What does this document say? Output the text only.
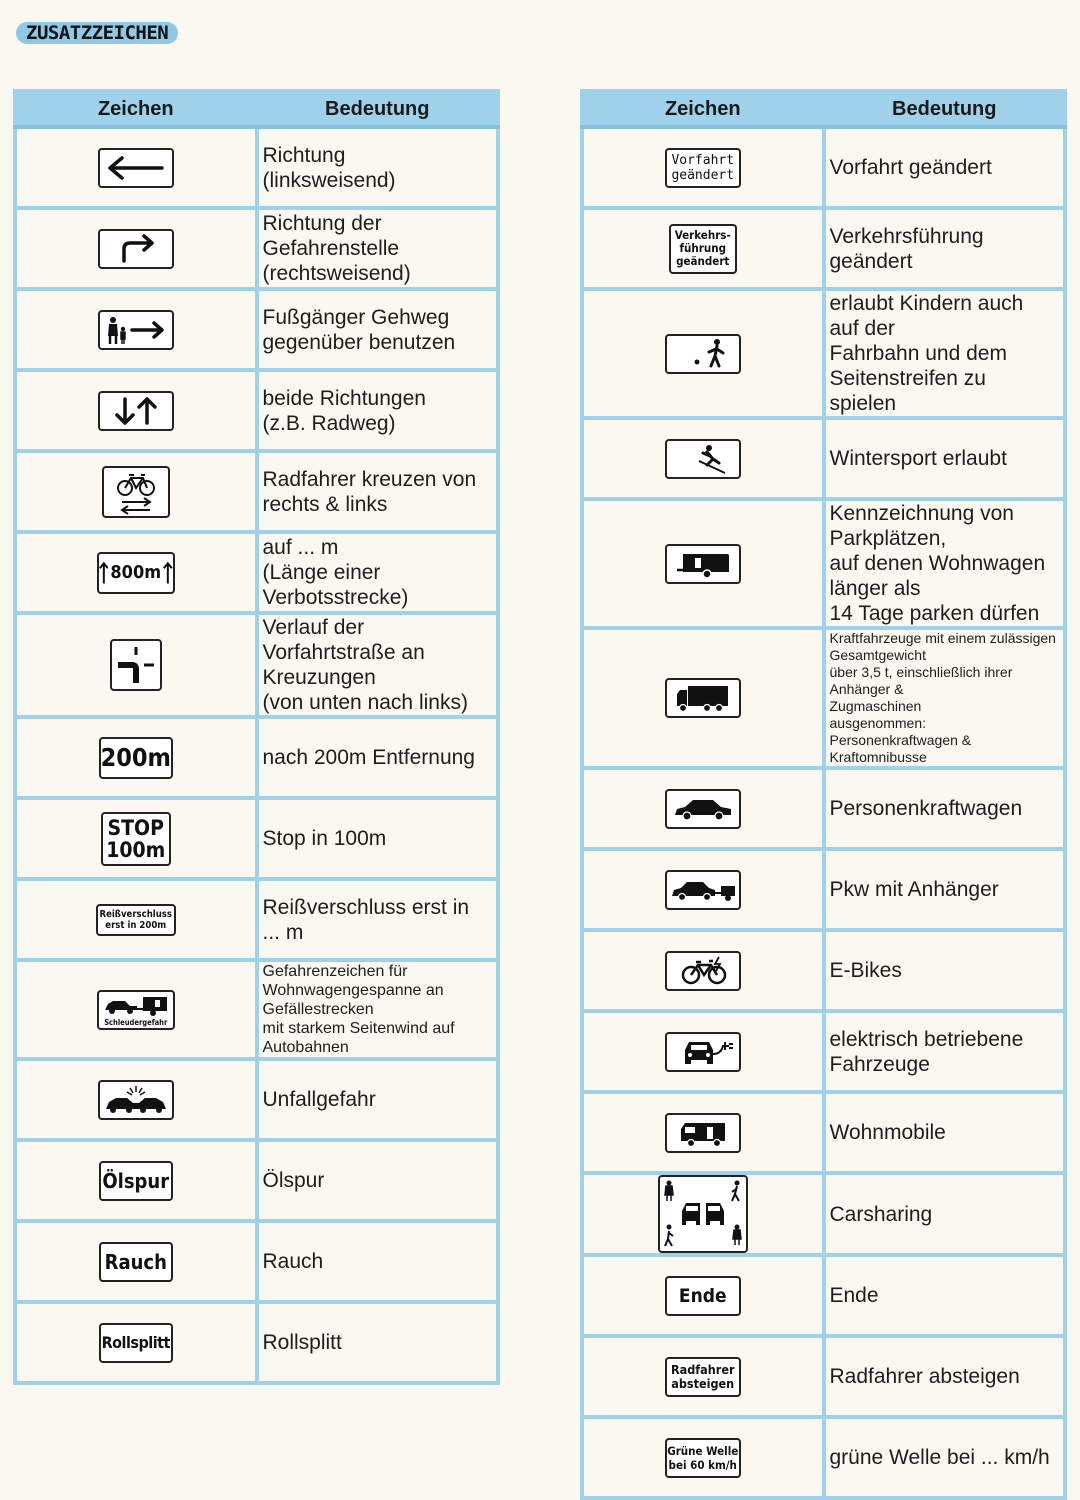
ZUSATZZEICHEN
Zeichen	Bedeutung

	Richtung
(linksweisend)

	Richtung der Gefahrenstelle
(rechtsweisend)

	Fußgänger Gehweg
gegenüber benutzen

	beide Richtungen
(z.B. Radweg)

	Radfahrer kreuzen von rechts & links

800m	auf ... m
(Länge einer Verbotsstrecke)

	Verlauf der Vorfahrtstraße an
Kreuzungen
(von unten nach links)
200m	nach 200m Entfernung
STOP
100m	Stop in 100m
Reißverschluss
erst in 200m	Reißverschluss erst in ... m

Schleudergefahr	Gefahrenzeichen für
Wohnwagengespanne an Gefällestrecken
mit starkem Seitenwind auf Autobahnen

	Unfallgefahr
Ölspur	Ölspur
Rauch	Rauch
Rollsplitt	Rollsplitt
Zeichen	Bedeutung
Vorfahrt
geändert	Vorfahrt geändert
Verkehrs-
führung
geändert	Verkehrsführung geändert

	erlaubt Kindern auch auf der
Fahrbahn und dem
Seitenstreifen zu spielen

	Wintersport erlaubt

	Kennzeichnung von Parkplätzen,
auf denen Wohnwagen länger als
14 Tage parken dürfen

	Kraftfahrzeuge mit einem zulässigen Gesamtgewicht
über 3,5 t, einschließlich ihrer Anhänger &
Zugmaschinen
ausgenommen: Personenkraftwagen & Kraftomnibusse

	Personenkraftwagen

	Pkw mit Anhänger

	E-Bikes

	elektrisch betriebene Fahrzeuge

	Wohnmobile

	Carsharing
Ende	Ende
Radfahrer
absteigen	Radfahrer absteigen
Grüne Welle
bei 60 km/h	grüne Welle bei ... km/h
